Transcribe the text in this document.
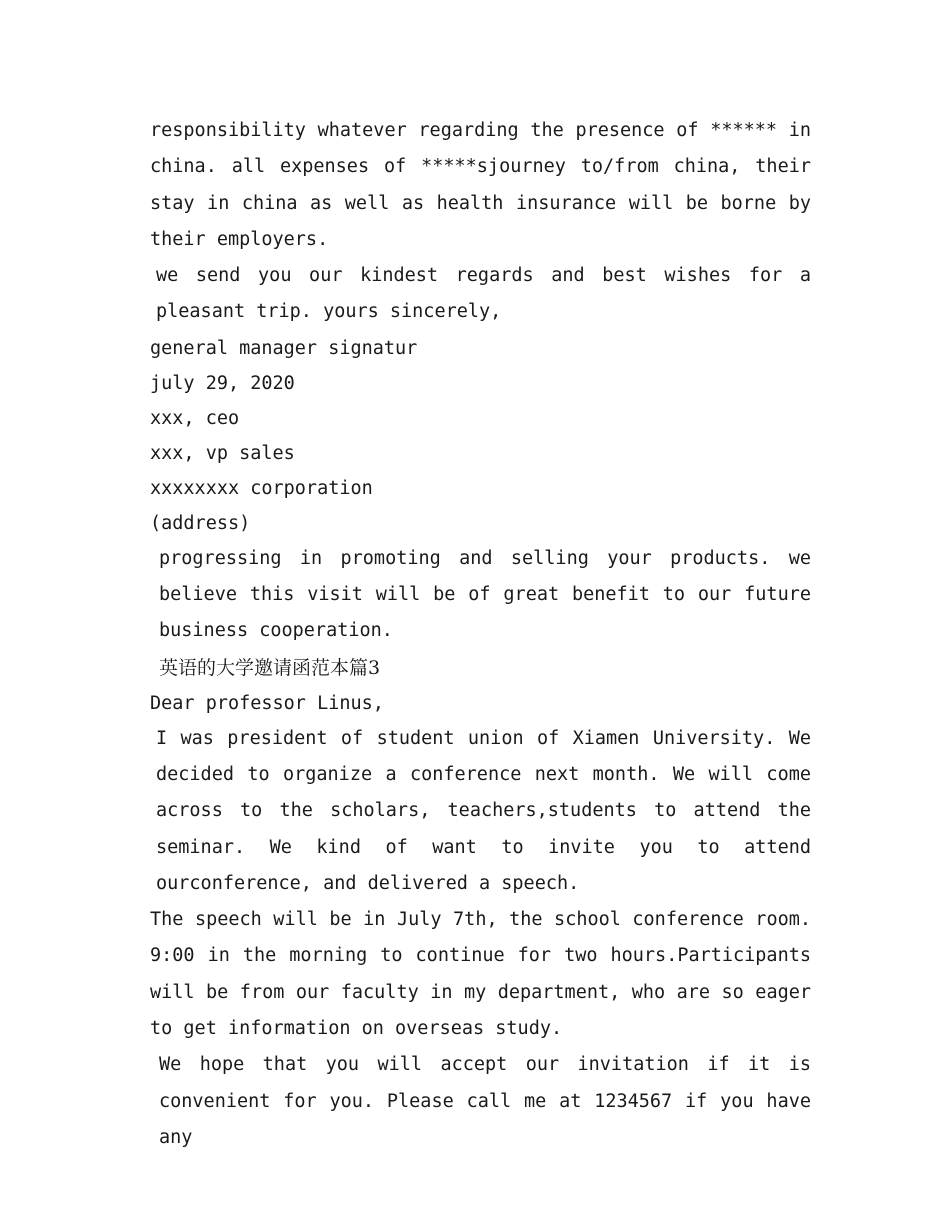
responsibility whatever regarding the presence of ****** in china. all expenses of *****sjourney to/from china, their stay in china as well as health insurance will be borne by their employers.

we send you our kindest regards and best wishes for a pleasant trip. yours sincerely,

general manager signatur
july 29, 2020
xxx, ceo
xxx, vp sales
xxxxxxxx corporation
(address)

progressing in promoting and selling your products. we believe this visit will be of great benefit to our future business cooperation.

英语的大学邀请函范本篇3
Dear professor Linus,

I was president of student union of Xiamen University. We decided to organize a conference next month. We will come across to the scholars, teachers,students to attend the seminar. We kind of want to invite you to attend ourconference, and delivered a speech.

The speech will be in July 7th, the school conference room. 9:00 in the morning to continue for two hours.Participants will be from our faculty in my department, who are so eager to get information on overseas study.

We hope that you will accept our invitation if it is convenient for you. Please call me at 1234567 if you have any
